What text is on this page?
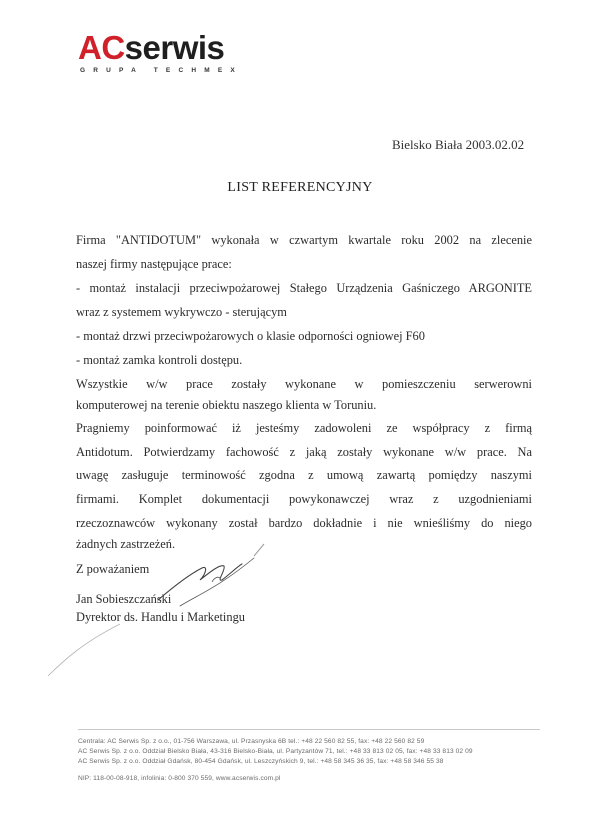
ACserwis
GRUPA TECHMEX
Bielsko Biała 2003.02.02
LIST REFERENCYJNY
Firma "ANTIDOTUM" wykonała w czwartym kwartale roku 2002 na zlecenie
naszej firmy następujące prace:
- montaż instalacji przeciwpożarowej Stałego Urządzenia Gaśniczego ARGONITE
wraz z systemem wykrywczo - sterującym
- montaż drzwi przeciwpożarowych o klasie odporności ogniowej F60
- montaż zamka kontroli dostępu.
Wszystkie w/w prace zostały wykonane w pomieszczeniu serwerowni
komputerowej na terenie obiektu naszego klienta w Toruniu.
Pragniemy poinformować iż jesteśmy zadowoleni ze współpracy z firmą
Antidotum. Potwierdzamy fachowość z jaką zostały wykonane w/w prace. Na
uwagę zasługuje terminowość zgodna z umową zawartą pomiędzy naszymi
firmami. Komplet dokumentacji powykonawczej wraz z uzgodnieniami
rzeczoznawców wykonany został bardzo dokładnie i nie wnieśliśmy do niego
żadnych zastrzeżeń.
Z poważaniem
Jan Sobieszczański
Dyrektor ds. Handlu i Marketingu
Centrala: AC Serwis Sp. z o.o., 01-756 Warszawa, ul. Przasnyska 6B tel.: +48 22 560 82 55, fax: +48 22 560 82 59
AC Serwis Sp. z o.o. Oddział Bielsko Biała, 43-316 Bielsko-Biała, ul. Partyzantów 71, tel.: +48 33 813 02 05, fax: +48 33 813 02 09
AC Serwis Sp. z o.o. Oddział Gdańsk, 80-454 Gdańsk, ul. Leszczyńskich 9, tel.: +48 58 345 36 35, fax: +48 58 346 55 38
NIP: 118-00-08-918, infolinia: 0-800 370 559, www.acserwis.com.pl
